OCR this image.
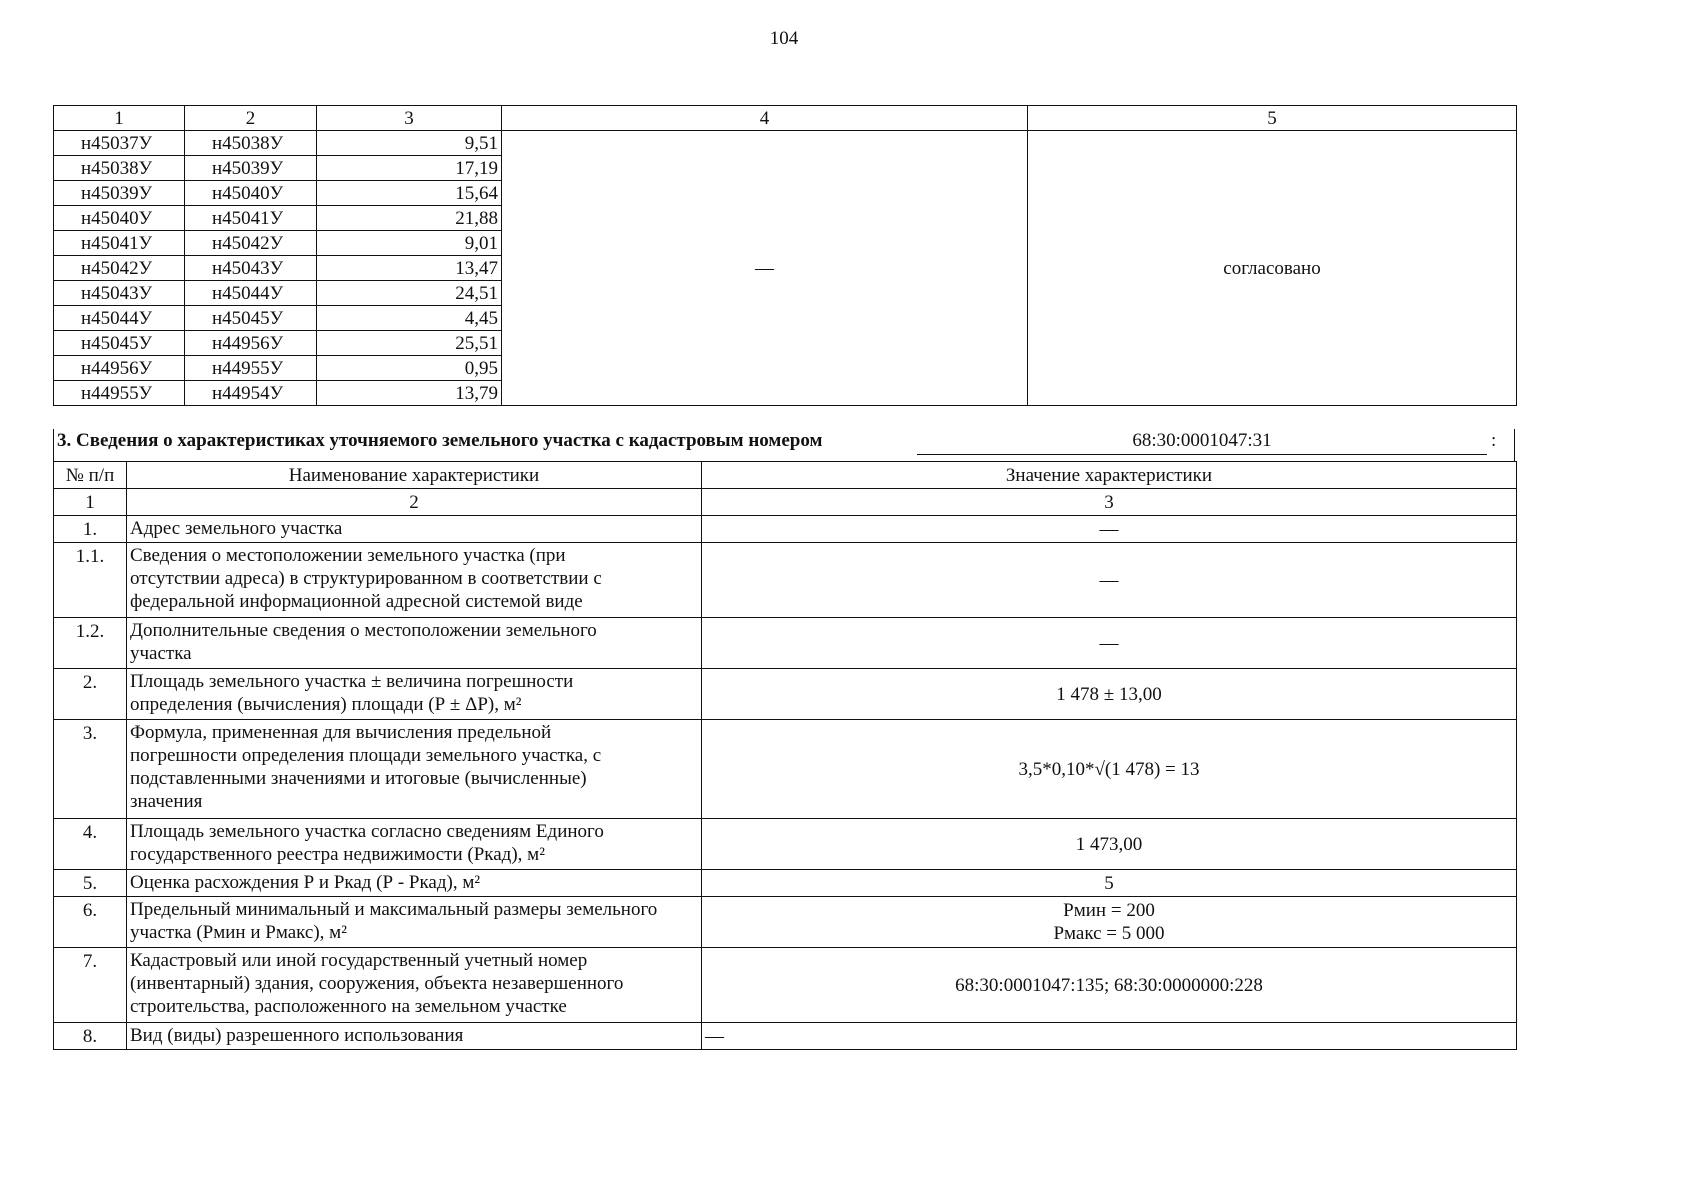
104
1	2	3	4	5
н45037У	н45038У	9,51	—	согласовано
н45038У	н45039У	17,19		
н45039У	н45040У	15,64		
н45040У	н45041У	21,88		
н45041У	н45042У	9,01		
н45042У	н45043У	13,47		
н45043У	н45044У	24,51		
н45044У	н45045У	4,45		
н45045У	н44956У	25,51		
н44956У	н44955У	0,95		
н44955У	н44954У	13,79		
3. Сведения о характеристиках уточняемого земельного участка с кадастровым номером	68:30:0001047:31	:
№ п/п	Наименование характеристики	Значение характеристики
1	2	3
1.	Адрес земельного участка	—
1.1.	Сведения о местоположении земельного участка (при
отсутствии адреса) в структурированном в соответствии с
федеральной информационной адресной системой виде	—
1.2.	Дополнительные сведения о местоположении земельного
участка	—
2.	Площадь земельного участка ± величина погрешности
определения (вычисления) площади (Р ± ΔР), м²	1 478 ± 13,00
3.	Формула, примененная для вычисления предельной
погрешности определения площади земельного участка, с
подставленными значениями и итоговые (вычисленные)
значения	3,5*0,10*√(1 478) = 13
4.	Площадь земельного участка согласно сведениям Единого
государственного реестра недвижимости (Ркад), м²	1 473,00
5.	Оценка расхождения Р и Ркад (Р - Ркад), м²	5
6.	Предельный минимальный и максимальный размеры земельного
участка (Рмин и Рмакс), м²	Рмин = 200
Рмакс = 5 000
7.	Кадастровый или иной государственный учетный номер
(инвентарный) здания, сооружения, объекта незавершенного
строительства, расположенного на земельном участке	68:30:0001047:135; 68:30:0000000:228
8.	Вид (виды) разрешенного использования	—
